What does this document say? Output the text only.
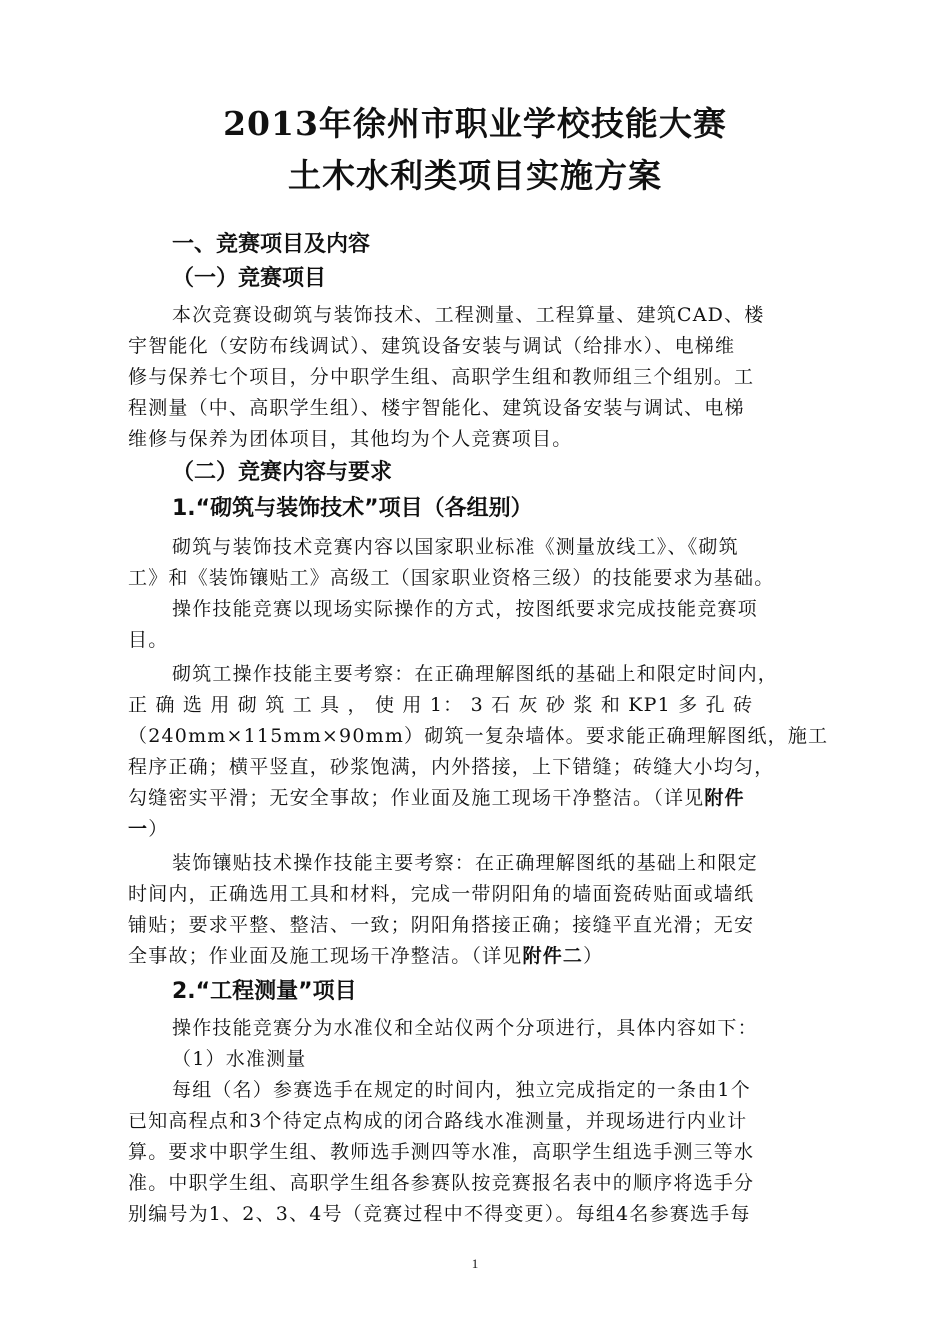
2013年徐州市职业学校技能大赛
土木水利类项目实施方案
一、竞赛项目及内容
（一）竞赛项目
本次竞赛设砌筑与装饰技术、工程测量、工程算量、建筑CAD、楼
宇智能化（安防布线调试）、建筑设备安装与调试（给排水）、电梯维
修与保养七个项目，分中职学生组、高职学生组和教师组三个组别。工
程测量（中、高职学生组）、楼宇智能化、建筑设备安装与调试、电梯
维修与保养为团体项目，其他均为个人竞赛项目。
（二）竞赛内容与要求
1.“砌筑与装饰技术”项目（各组别）
砌筑与装饰技术竞赛内容以国家职业标准《测量放线工》、《砌筑
工》和《装饰镶贴工》高级工（国家职业资格三级）的技能要求为基础。
操作技能竞赛以现场实际操作的方式，按图纸要求完成技能竞赛项
目。
砌筑工操作技能主要考察：在正确理解图纸的基础上和限定时间内，
正 确 选 用 砌 筑 工 具 ， 使 用 1： 3 石 灰 砂 浆 和 KP1 多 孔 砖
（240mm×115mm×90mm）砌筑一复杂墙体。要求能正确理解图纸，施工
程序正确；横平竖直，砂浆饱满，内外搭接，上下错缝；砖缝大小均匀，
勾缝密实平滑；无安全事故；作业面及施工现场干净整洁。（详见附件
一）
装饰镶贴技术操作技能主要考察：在正确理解图纸的基础上和限定
时间内，正确选用工具和材料，完成一带阴阳角的墙面瓷砖贴面或墙纸
铺贴；要求平整、整洁、一致；阴阳角搭接正确；接缝平直光滑；无安
全事故；作业面及施工现场干净整洁。（详见附件二）
2.“工程测量”项目
操作技能竞赛分为水准仪和全站仪两个分项进行，具体内容如下：
（1）水准测量
每组（名）参赛选手在规定的时间内，独立完成指定的一条由1个
已知高程点和3个待定点构成的闭合路线水准测量，并现场进行内业计
算。要求中职学生组、教师选手测四等水准，高职学生组选手测三等水
准。中职学生组、高职学生组各参赛队按竞赛报名表中的顺序将选手分
别编号为1、2、3、4号（竞赛过程中不得变更）。每组4名参赛选手每
1
